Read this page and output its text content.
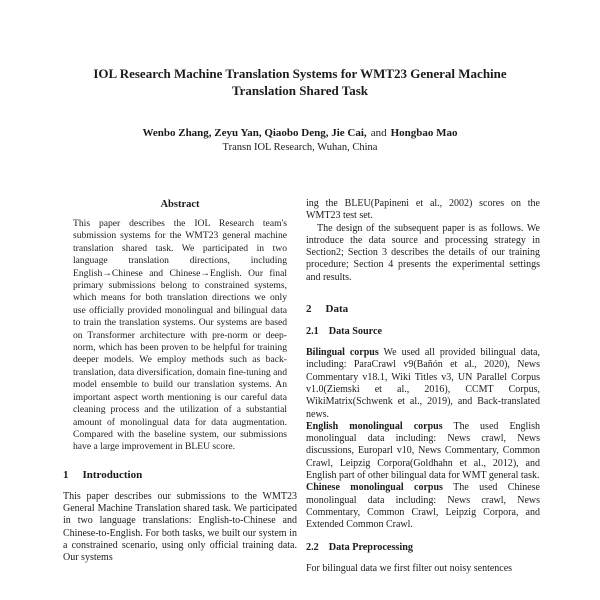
IOL Research Machine Translation Systems for WMT23 General Machine Translation Shared Task
Wenbo Zhang, Zeyu Yan, Qiaobo Deng, Jie Cai, and Hongbao Mao
Transn IOL Research, Wuhan, China
Abstract
This paper describes the IOL Research team's submission systems for the WMT23 general machine translation shared task. We participated in two language translation directions, including English→Chinese and Chinese→English. Our final primary submissions belong to constrained systems, which means for both translation directions we only use officially provided monolingual and bilingual data to train the translation systems. Our systems are based on Transformer architecture with pre-norm or deep-norm, which has been proven to be helpful for training deeper models. We employ methods such as back-translation, data diversification, domain fine-tuning and model ensemble to build our translation systems. An important aspect worth mentioning is our careful data cleaning process and the utilization of a substantial amount of monolingual data for data augmentation. Compared with the baseline system, our submissions have a large improvement in BLEU score.
1 Introduction

This paper describes our submissions to the WMT23 General Machine Translation shared task. We participated in two language translations: English-to-Chinese and Chinese-to-English. For both tasks, we built our system in a constrained scenario, using only official training data. Our systems

ing the BLEU(Papineni et al., 2002) scores on the WMT23 test set.

The design of the subsequent paper is as follows. We introduce the data source and processing strategy in Section2; Section 3 describes the details of our training procedure; Section 4 presents the experimental settings and results.

2 Data
2.1 Data Source

Bilingual corpus We used all provided bilingual data, including: ParaCrawl v9(Bañón et al., 2020), News Commentary v18.1, Wiki Titles v3, UN Parallel Corpus v1.0(Ziemski et al., 2016), CCMT Corpus, WikiMatrix(Schwenk et al., 2019), and Back-translated news.

English monolingual corpus The used English monolingual data including: News crawl, News discussions, Europarl v10, News Commentary, Common Crawl, Leipzig Corpora(Goldhahn et al., 2012), and English part of other bilingual data for WMT general task.

Chinese monolingual corpus The used Chinese monolingual data including: News crawl, News Commentary, Common Crawl, Leipzig Corpora, and Extended Common Crawl.

2.2 Data Preprocessing

For bilingual data we first filter out noisy sentences
